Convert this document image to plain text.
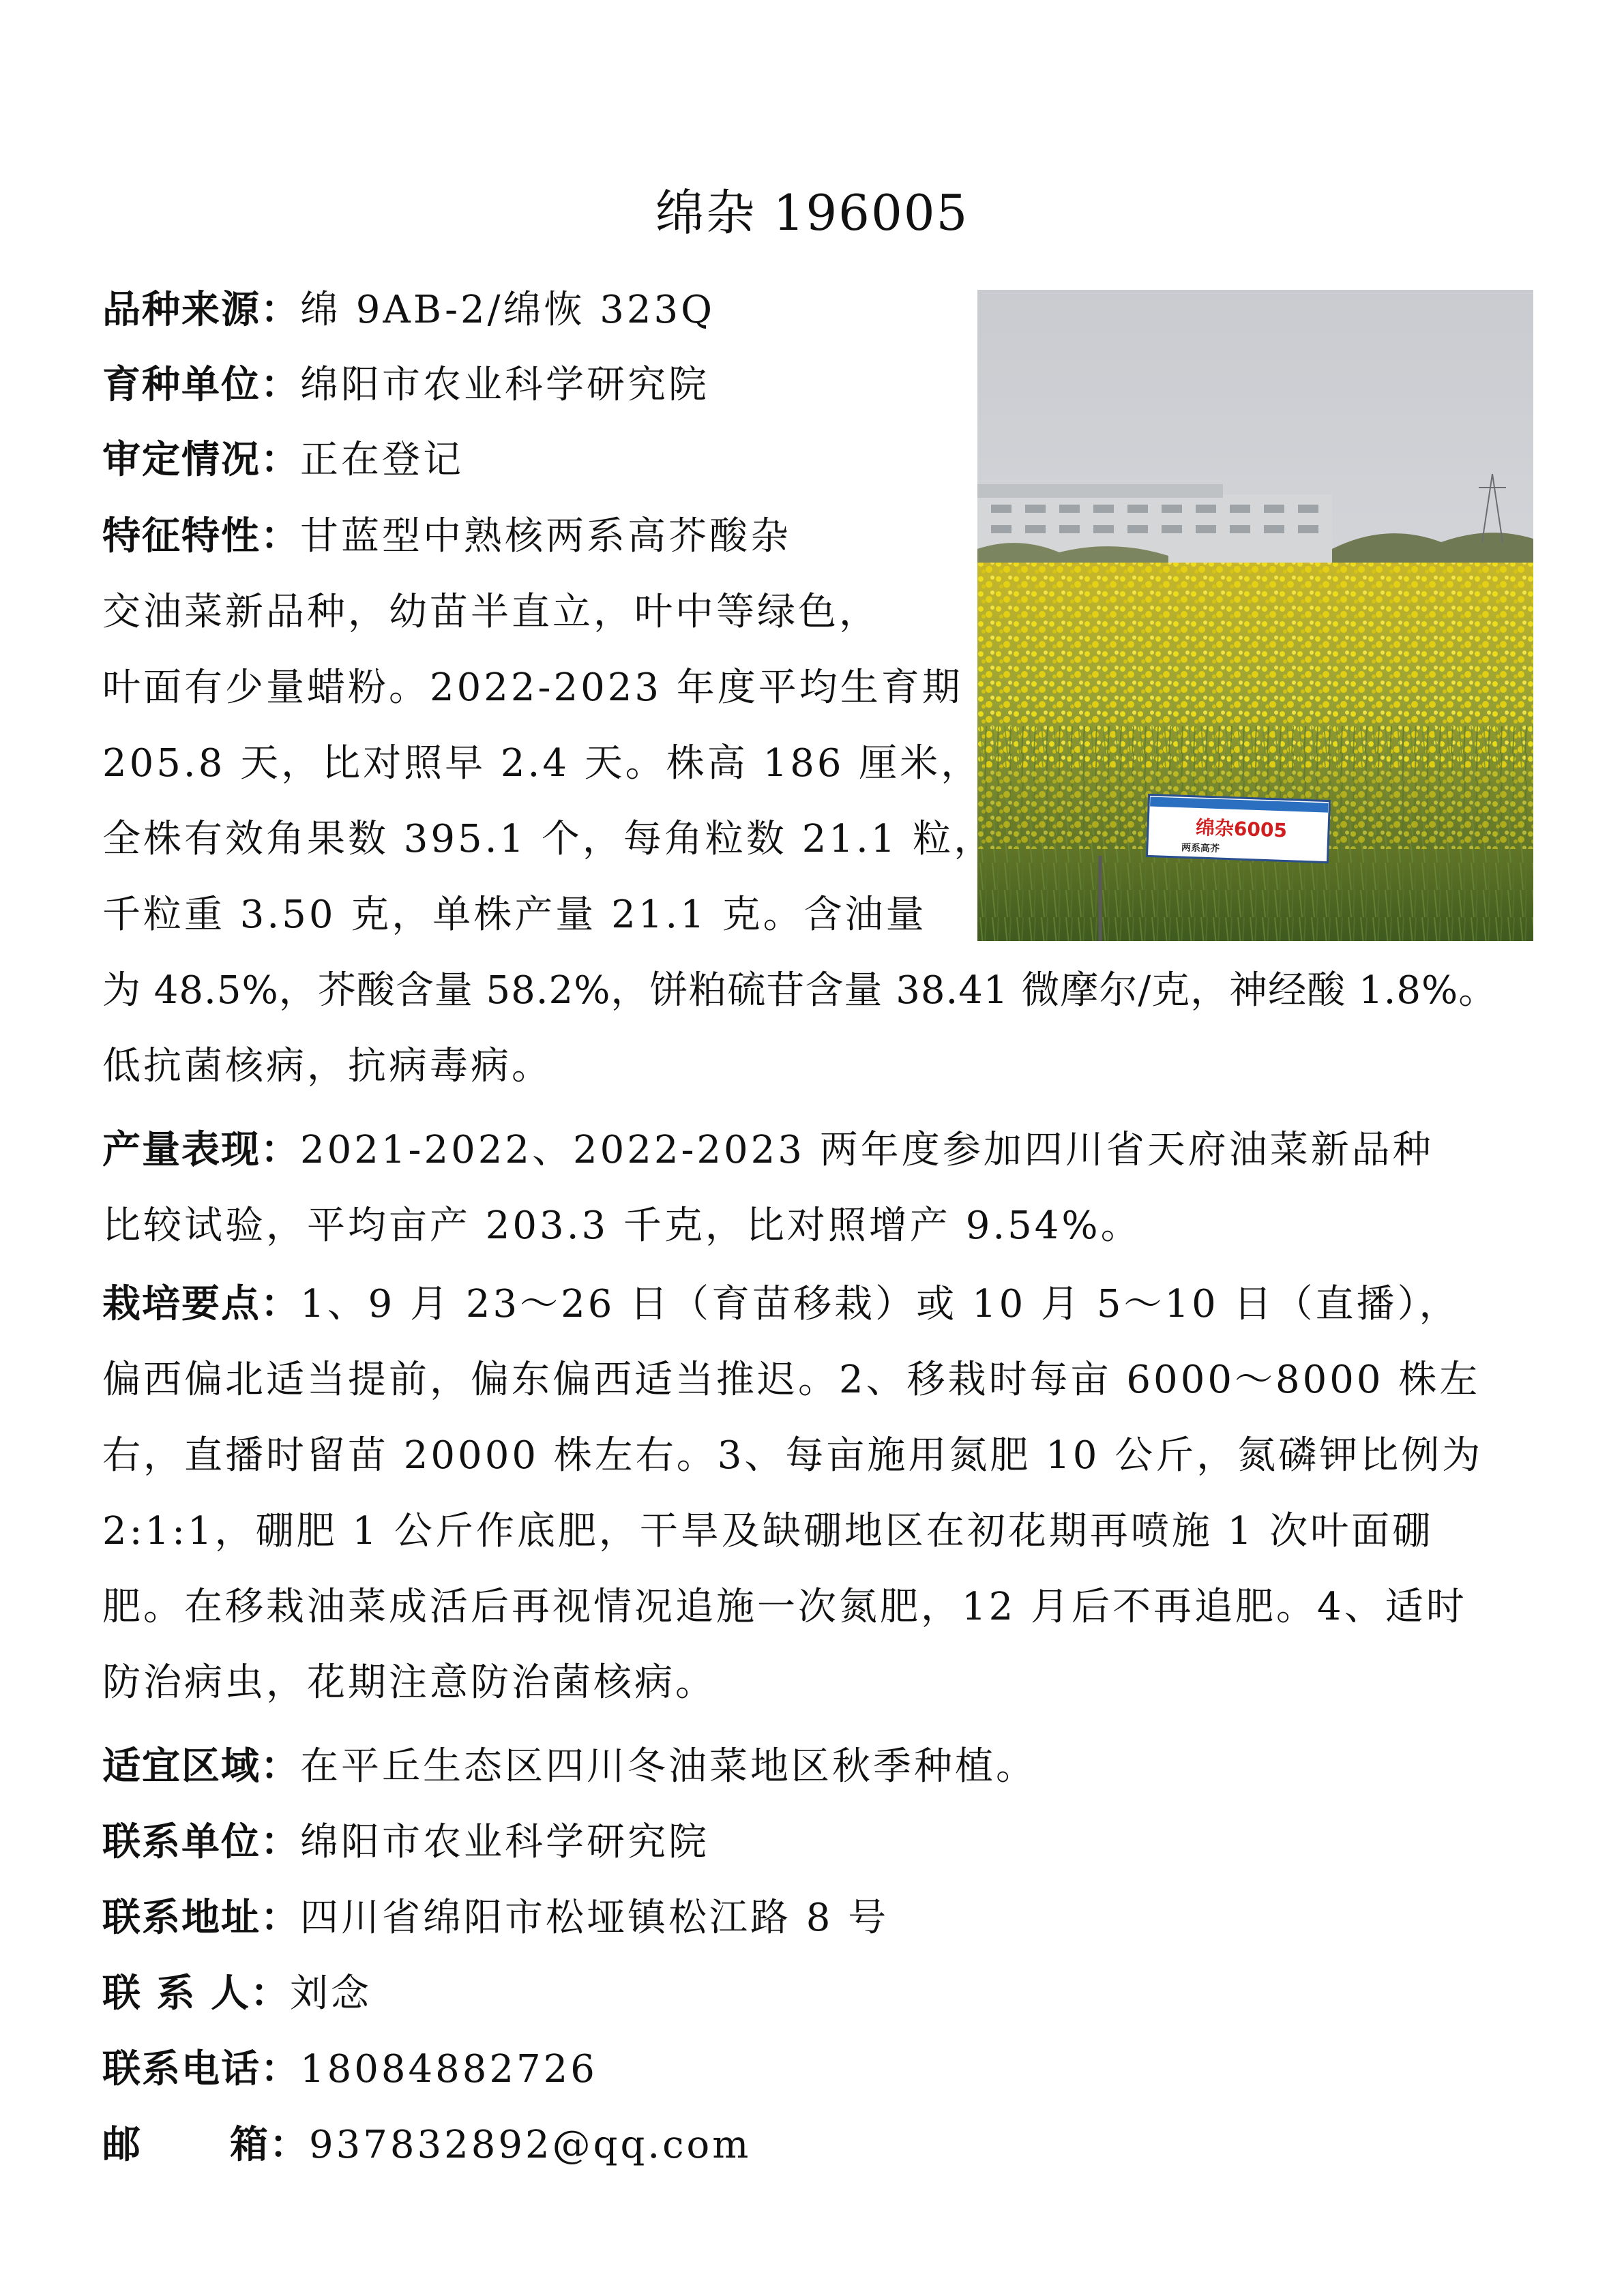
绵杂 196005
绵杂6005
两系高芥
品种来源：绵 9AB-2/绵恢 323Q
育种单位：绵阳市农业科学研究院
审定情况：正在登记
特征特性：甘蓝型中熟核两系高芥酸杂
交油菜新品种，幼苗半直立，叶中等绿色，
叶面有少量蜡粉。2022-2023 年度平均生育期
205.8 天，比对照早 2.4 天。株高 186 厘米，
全株有效角果数 395.1 个，每角粒数 21.1 粒，
千粒重 3.50 克，单株产量 21.1 克。含油量
为 48.5%，芥酸含量 58.2%，饼粕硫苷含量 38.41 微摩尔/克，神经酸 1.8%。
低抗菌核病，抗病毒病。
产量表现：2021-2022、2022-2023 两年度参加四川省天府油菜新品种
比较试验，平均亩产 203.3 千克，比对照增产 9.54%。
栽培要点：1、9 月 23～26 日（育苗移栽）或 10 月 5～10 日（直播），
偏西偏北适当提前，偏东偏西适当推迟。2、移栽时每亩 6000～8000 株左
右，直播时留苗 20000 株左右。3、每亩施用氮肥 10 公斤，氮磷钾比例为
2:1:1，硼肥 1 公斤作底肥，干旱及缺硼地区在初花期再喷施 1 次叶面硼
肥。在移栽油菜成活后再视情况追施一次氮肥，12 月后不再追肥。4、适时
防治病虫，花期注意防治菌核病。
适宜区域：在平丘生态区四川冬油菜地区秋季种植。
联系单位：绵阳市农业科学研究院
联系地址：四川省绵阳市松垭镇松江路 8 号
联 系 人：刘念
联系电话：18084882726
邮      箱：937832892@qq.com
